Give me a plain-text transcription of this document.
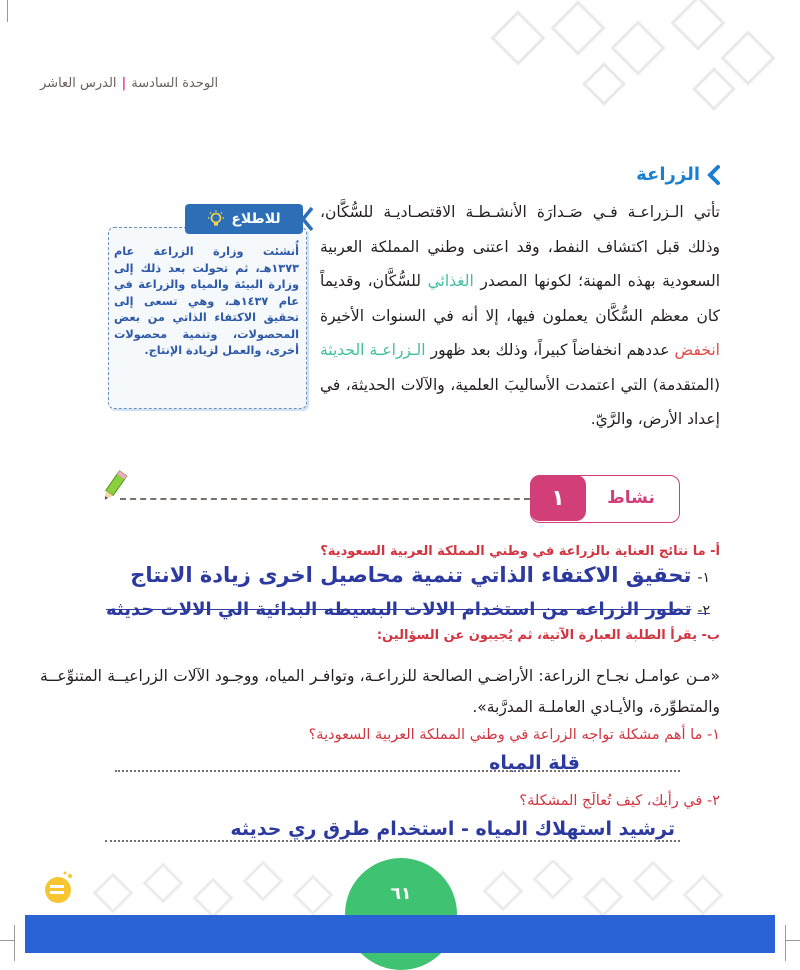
الوحدة السادسة|الدرس العاشر
الزراعة
تأتي الـزراعـة فـي صَـدارَة الأنشـطـة الاقتصـاديـة للسُّكَّان، وذلك قبل اكتشاف النفط، وقد اعتنى وطني المملكة العربية السعودية بهذه المهنة؛ لكونها المصدر الغذائي للسُّكَّان، وقديماً كان معظم السُّكَّان يعملون فيها، إلا أنه في السنوات الأخيرة انخفض عددهم انخفاضاً كبيراً، وذلك بعد ظهور الـزراعـة الحديثة (المتقدمة) التي اعتمدت الأساليبَ العلمية، والآلات الحديثة، في إعداد الأرض، والرَّيّ.
أُنشئت وزارة الزراعة عام ١٣٧٣هـ، ثم تحولت بعد ذلك إلى وزارة البيئة والمياه والزراعة في عام ١٤٣٧هـ، وهي تسعى إلى تحقيق الاكتفاء الذاتي من بعض المحصولات، وتنمية محصولات أخرى، والعمل لزيادة الإنتاج.
للاطلاع
نشاط
١
أ- ما نتائج العناية بالزراعة في وطني المملكة العربية السعودية؟
١-تحقيق الاكتفاء الذاتي تنمية محاصيل اخرى زيادة الانتاج
٢-تطور الزراعه من استخدام الالات البسيطه البدائية الي الالات حديثه
ب- يقرأ الطلبة العبارة الآتية، ثم يُجيبون عن السؤالين:
«مـن عوامـل نجـاح الزراعة: الأراضـي الصالحة للزراعـة، وتوافـر المياه، ووجـود الآلات الزراعيــة المتنوِّعــة والمتطوِّرة، والأيـادي العاملـة المدرَّبة».
١- ما أهم مشكلة تواجه الزراعة في وطني المملكة العربية السعودية؟
قلة المياه
٢- في رأيك، كيف تُعالَج المشكلة؟
ترشيد استهلاك المياه - استخدام طرق ري حديثه
٦١
